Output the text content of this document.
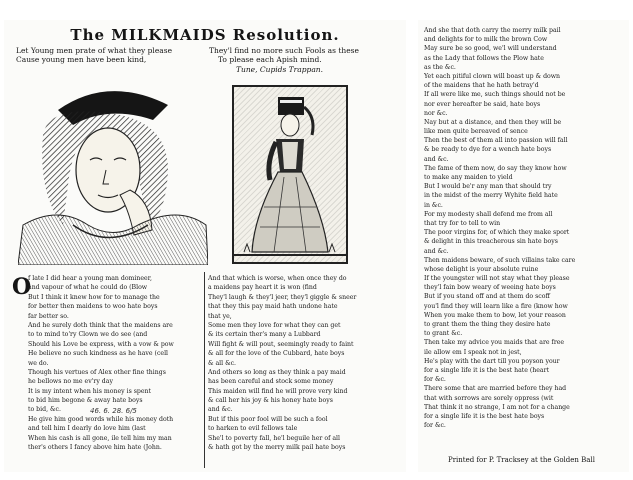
The MILKMAIDS Resolution.
Let Young men prate of what they please
Cause young men have been kind,
They'l find no more such Fools as these
To please each Apish mind.
Tune, Cupids Trappan.
O
f late I did hear a young man domineer,
and vapour of what he could do (Blow
But I think it knew how for to manage the
for better then maidens to woo hate boys
far better so.
And he surely doth think that the maidens are
to to mind to'ry Clown we do see (and
Should his Love be express, with a vow & pow
He believe no such kindness as he have (cell
we do.
Though his vertues of Alex other fine things
he bellows no me ev'ry day
It is my intent when his money is spent
to bid him begone & away hate boys
to bid, &c.
He give him good words while his money doth
and tell him I dearly do love him (last
When his cash is all gone, ile tell him my man
ther's others I fancy above him hate (John.
And that which is worse, when once they do
a maidens pay heart it is won (find
They'l laugh & they'l jeer, they'l giggle & sneer
that they this pay maid hath undone hate
that ye,
Some men they love for what they can get
& its certain ther's many a Lubbard
Will fight & will pout, seemingly ready to faint
& all for the love of the Cubbard, hate boys
& all &c.
And others so long as they think a pay maid
has been careful and stock some money
This maiden will find he will prove very kind
& call her his joy & his honey hate boys
and &c.
But if this poor fool will be such a fool
to harken to evil fellows tale
She'l to poverty fall, he'l beguile her of all
& hath got by the merry milk pail hate boys
46. 6. 28. 6/5
And she that doth carry the merry milk pail
and delights for to milk the brown Cow
May sure be so good, we'l will understand
as the Lady that follows the Plow hate
as the &c.
Yet each pitiful clown will boast up & down
of the maidens that he hath betray'd
If all were like me, such things should not be
nor ever hereafter be said, hate boys
nor &c.
Nay but at a distance, and then they will be
like men quite bereaved of sence
Then the best of them all into passion will fall
& be ready to dye for a wench hate boys
and &c.
The fame of them now, do say they know how
to make any maiden to yield
But I would be'r any man that should try
in the midst of the merry Wyhite field hate
in &c.
For my modesty shall defend me from all
that try for to tell to win
The poor virgins for, of which they make sport
& delight in this treacherous sin hate boys
and &c.
Then maidens beware, of such villains take care
whose delight is your absolute ruine
If the youngster will not stay what they please
they'l fain bow weary of weeing hate boys
But if you stand off and at them do scoff
you'l find they will learn like a fire (know how
When you make them to bow, let your reason
to grant them the thing they desire hate
to grant &c.
Then take my advice you maids that are free
ile allow em I speak not in jest,
He's play with the dart till you poyson your
for a single life it is the best hate (heart
for &c.
There some that are married before they had
that with sorrows are sorely oppress (wit
That think it no strange, I am not for a change
for a single life it is the best hate boys
for &c.
Printed for P. Tracksey at the Golden Ball
